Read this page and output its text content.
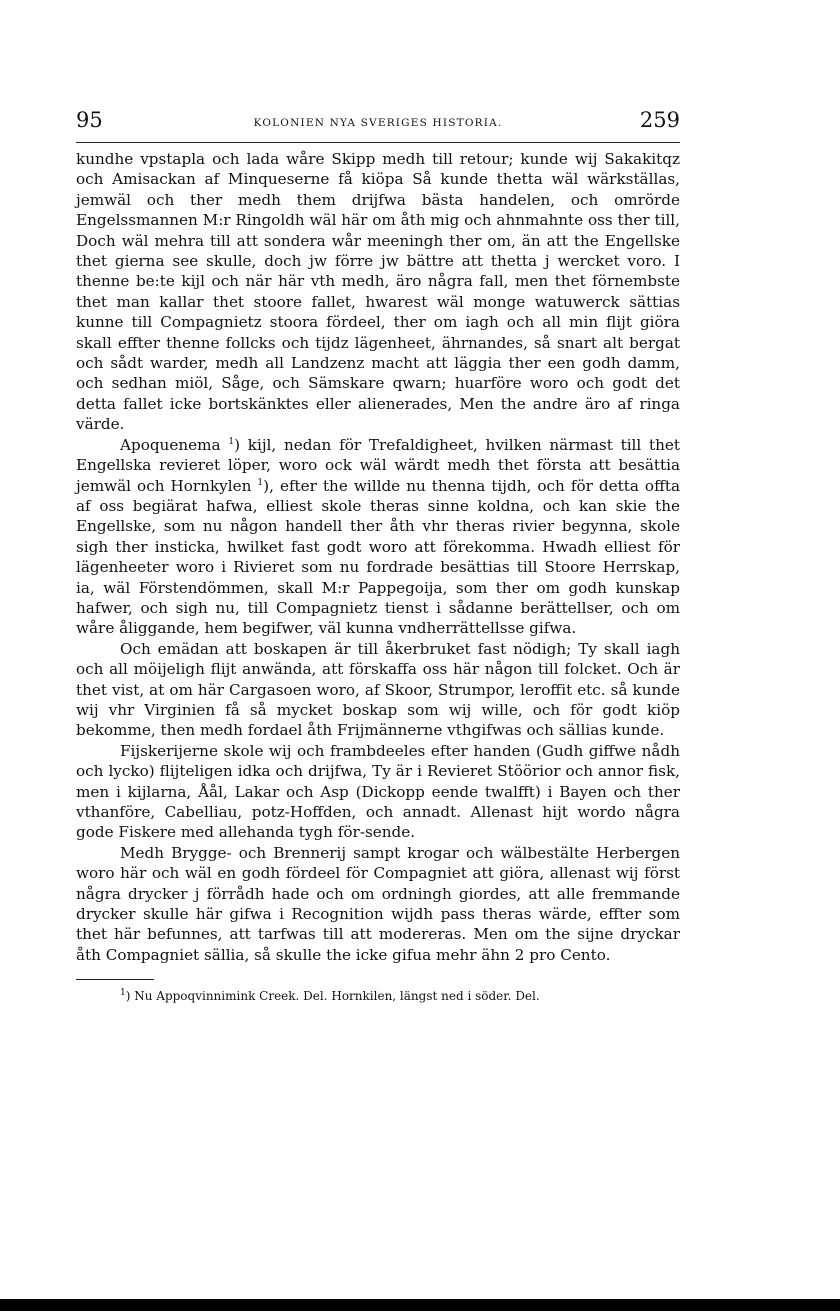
95	KOLONIEN NYA SVERIGES HISTORIA.	259

kundhe vpstapla och lada wåre Skipp medh till retour; kunde wij Sakakitqz och Amisackan af Minqueserne få kiöpa Så kunde thetta wäl wärkställas, jemwäl och ther medh them drijfwa bästa handelen, och omrörde Engelssmannen M:r Ringoldh wäl här om åth mig och ahnmahnte oss ther till, Doch wäl mehra till att sondera wår meeningh ther om, än att the Engellske thet gierna see skulle, doch jw förre jw bättre att thetta j wercket voro. I thenne be:te kijl och när här vth medh, äro några fall, men thet förnembste thet man kallar thet stoore fallet, hwarest wäl monge watuwerck sättias kunne till Compagnietz stoora fördeel, ther om iagh och all min flijt giöra skall effter thenne follcks och tijdz lägenheet, ährnandes, så snart alt bergat och sådt warder, medh all Landzenz macht att läggia ther een godh damm, och sedhan miöl, Såge, och Sämskare qwarn; huarföre woro och godt det detta fallet icke bortskänktes eller alienerades, Men the andre äro af ringa värde.

Apoquenema $^1$) kijl, nedan för Trefaldigheet, hvilken närmast till thet Engellska revieret löper, woro ock wäl wärdt medh thet första att besättia jemwäl och Hornkylen $^1$), efter the willde nu thenna tijdh, och för detta offta af oss begiärat hafwa, elliest skole theras sinne koldna, och kan skie the Engellske, som nu någon handell ther åth vhr theras rivier begynna, skole sigh ther insticka, hwilket fast godt woro att förekomma. Hwadh elliest för lägenheeter woro i Rivieret som nu fordrade besättias till Stoore Herrskap, ia, wäl Förstendömmen, skall M:r Pappegoija, som ther om godh kunskap hafwer, och sigh nu, till Compagnietz tienst i sådanne berättellser, och om wåre åliggande, hem begifwer, väl kunna vndherrättellsse gifwa.

Och emädan att boskapen är till åkerbruket fast nödigh; Ty skall iagh och all möijeligh flijt anwända, att förskaffa oss här någon till folcket. Och är thet vist, at om här Cargasoen woro, af Skoor, Strumpor, leroffit etc. så kunde wij vhr Virginien få så mycket boskap som wij wille, och för godt kiöp bekomme, then medh fordael åth Frijmännerne vthgifwas och sällias kunde.

Fijskerijerne skole wij och frambdeeles efter handen (Gudh giffwe nådh och lycko) flijteligen idka och drijfwa, Ty är i Revieret Stöörior och annor fisk, men i kijlarna, Åål, Lakar och Asp (Dickopp eende twalfft) i Bayen och ther vthanföre, Cabelliau, potz-Hoffden, och annadt. Allenast hijt wordo några gode Fiskere med allehanda tygh för-sende.

Medh Brygge- och Brennerij sampt krogar och wälbestälte Herbergen woro här och wäl en godh fördeel för Compagniet att giöra, allenast wij först några drycker j förrådh hade och om ordningh giordes, att alle fremmande drycker skulle här gifwa i Recognition wijdh pass theras wärde, effter som thet här befunnes, att tarfwas till att modereras. Men om the sijne dryckar åth Compagniet sällia, så skulle the icke gifua mehr ähn 2 pro Cento.

$^1$) Nu Appoqvinnimink Creek. Del. Hornkilen, längst ned i söder. Del.
